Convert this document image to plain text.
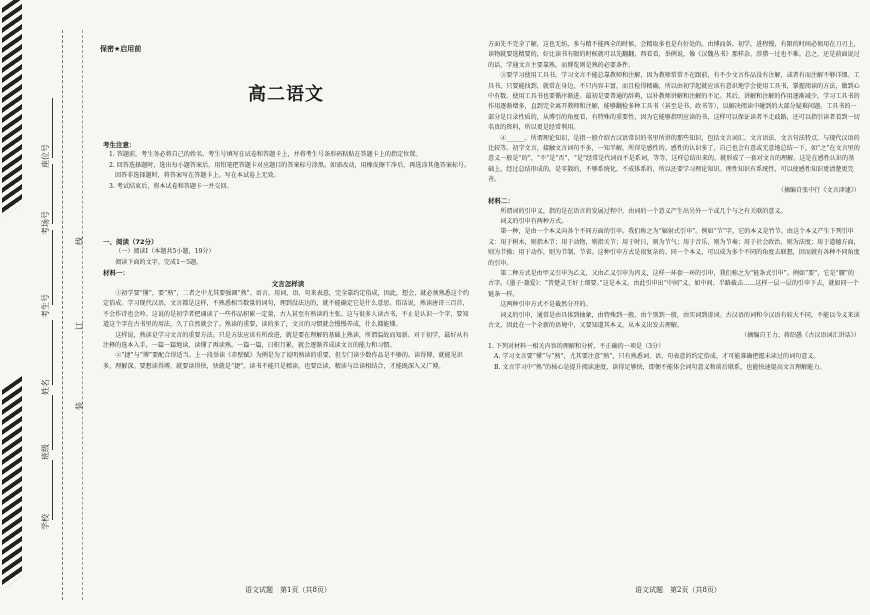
座位号
考场号
考生号
姓名
班级
学校
线
订
装
保密★启用前
高二语文

考生注意：

1. 答题前，考生务必将自己的姓名、考生号填写在试卷和答题卡上，并将考生号条形码粘贴在答题卡上的指定位置。

2. 回答选择题时，选出每小题答案后，用铅笔把答题卡对应题目的答案标号涂黑。如需改动，用橡皮擦干净后，再选涂其他答案标号。回答非选择题时，将答案写在答题卡上。写在本试卷上无效。

3. 考试结束后，将本试卷和答题卡一并交回。

一、阅读（72分）

（一）阅读Ⅰ（本题共5小题，19分）

阅读下面的文字，完成1～5题。

材料一：

文言怎样读

①初学要“懂”，要“熟”，二者之中尤其要强调“熟”。语言，用词、语、句来表意，完全靠约定俗成，因此，想会，就必须熟悉这个约定俗成。学习现代汉语，文言都是这样，不熟悉相当数量的词句，理到没法达的，就不能确定它是什么意思。俗话说，熟读唐诗三百首，不会作诗也会吟。这说的是初学者把诵读了一些作品积累一定量，古人甚至有熟读的主张。这与很多人读古书，不止是认识一个字，要知道这个字在古书里的用法，久了自然就会了。熟读的重要，读的多了，文言的习惯就会慢慢养成，什么都能懂。

这样说，熟读是学习文言的重要方法。只是方法应该有所改进，就是要在理解的基础上熟读，所谓温故而知新。对于初学，最好从有注释的选本入手，一篇一篇地读，读懂了再读熟。一篇一篇，日积月累，就会逐渐养成读文言的能力和习惯。

②“捷”与“博”要配合得适当。上一段举读《赤壁赋》为例是为了说明熟读的重要，但专门读少数作品是不够的。读得博，就能见识多，理解深。要想读得博，就要读得快，快就是“捷”。读书不能只是精读，也要泛读，精读与泛读相结合，才能既深入又广博。

方面先不完全了解，这也无妨，多与精不能两全的时候，会精取多也是有好处的。由博而备。初学，进程慢，有限的时间必须用在刀刃上，读物就要选精要的，好比读书有限的时候就可以先翻翻，西看看，举例说，像《汉魏丛书》那样杂，涉猎一过也不难。总之，还是前面说过的话，学通文言主要靠熟，而博览则是熟的必要条件。

③要学习使用工具书。学习文言不能总靠教师和注解，因为教师常常不在跟前，有不少文言作品没有注解，或者有而注解不够详细。工具书，只要能找到，就常在身边，不只内容丰富，而且检得精确，所以由初学起就应该有意识地学会使用工具书，掌握阅读的方法，做到心中有数。使用工具书也要循序渐进。最初是要普通的辞典，以补教师讲解和注解的不足。其后，讲解和注解的作用逐渐减少，学习工具书的作用逐渐增多，直到完全离开教师和注解，能够翻检多种工具书（甚至是书、政书等），以解决阅读中碰到的大部分疑难问题。工具书的一部分是目录性质的，从博引的角度看，有特殊的重要性，因为它能够指明应读的书，这样可以保证读者不走歧路，还可以指引读者看到一切名贵的资料，所以更是经常利用。

④______。所谓理论知识，是指一般介绍古汉语常识的书里所讲的那些知识，包括文言词汇、文言语法、文言句法特点、与现代汉语的比较等。初学文言，接触文言词句不多，一知半解，所得是感性的。感性的认识多了，自己也会有意或无意地总结一下，如“之”在文言里的意义一般是“的”，“不”是“否”，“是”经常是代词而不是系词，等等，这样总结出来的，就形成了一套对文言的理解。这是在感性认识的基础上，经过总结形成的，是零散的，不够系统化、不成体系的，所以还要学习理论知识。理性知识有系统性，可以使感性知识更清楚更完善。

（摘编自张中行《文言津逮》）

材料二：

所谓词的引申义，指的是在语言的发展过程中，由词的一个意义产生出另外一个或几个与之有关联的意义。

词义的引申有两种方式。

第一种，是由一个本义向各个不同方面的引申。我们称之为“辐射式引申”。例如“节”字，它的本义是竹节。由这个本义产生下列引申义：用于树木，则指木节；用于动物，则指关节；用于时日，则为节气；用于音乐，则为节奏；用于社会政治，则为法度；用于道德方面，则为节操；用于动作，则为节制、节省。这种引申方式是很复杂的。同一个本义，可以成为多个不同的角度去联想，因而就有各种不同角度的引申。

第二种方式是由甲义引申为乙义，又由乙义引申为丙义，这样一环套一环的引申，我们称之为“链条式引申”。例如“要”，它是“腰”的古字。《墨子·兼爱》：“昔楚灵王好士细要。”这是本义。由此引申出“中间”义，如中间、半路截击……这样一层一层的引申下去，就如同一个链条一样。

这两种引申方式不是截然分开的。

词义的引申，通常是由具体到抽象，由特殊到一般，由个别到一般，由实词到虚词。古汉语的词和今汉语有较大不同，不能以今义来读古文，因此在一个全新的语境中，又要知道其本义，从本义出发去理解。

（摘编自王力、蒋绍愚《古汉语词汇讲话》）

1. 下列对材料一相关内容的理解和分析，不正确的一项是（3分）

A. 学习文言要“懂”与“熟”，尤其要注意“熟”，只有熟悉词、语、句表意的约定俗成，才可能准确把握未读过的词句意义。

B. 文言学习中“熟”的核心是提升阅读速度，读得足够快，即便不能体会词句意义和前后联系，也能快速提高文言理解能力。

语文试题　第1页（共8页）	语文试题　第2页（共8页）
